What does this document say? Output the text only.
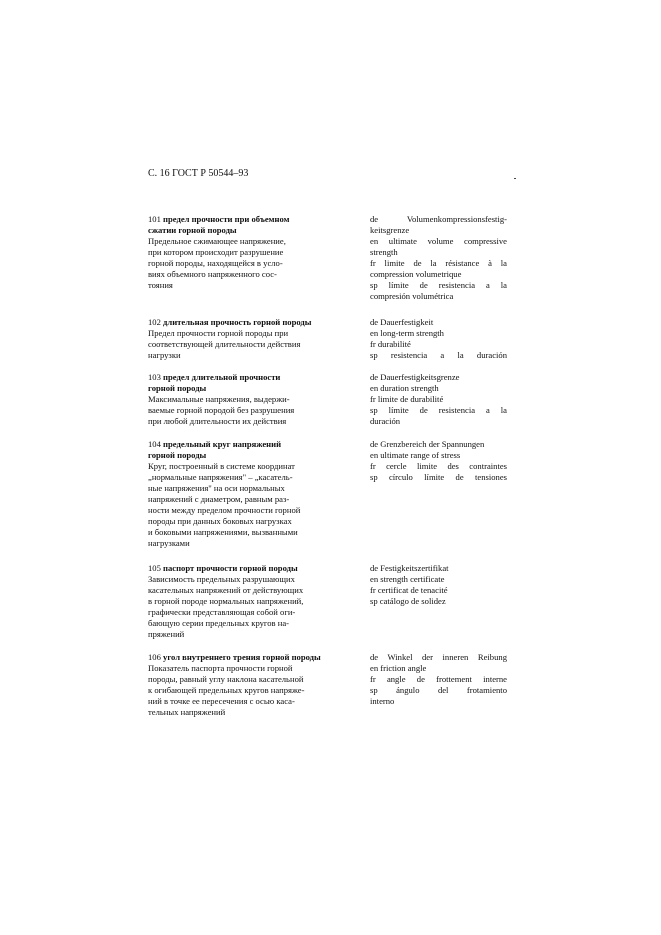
С. 16 ГОСТ Р 50544–93
101 предел прочности при объемном
сжатии горной породы
Предельное сжимающее напряжение,
при котором происходит разрушение
горной породы, находящейся в усло-
виях объемного напряженного сос-
тояния
de Volumenkompressionsfestig-
keitsgrenze
en ultimate volume compressive
strength
fr limite de la résistance à la
compression volumetrique
sp límite de resistencia a la
compresión volumétrica
102 длительная прочность горной породы
Предел прочности горной породы при
соответствующей длительности действия
нагрузки
de Dauerfestigkeit
en long-term strength
fr durabilité
sp resistencia a la duración
103 предел длительной прочности
горной породы
Максимальные напряжения, выдержи-
ваемые горной породой без разрушения
при любой длительности их действия
de Dauerfestigkeitsgrenze
en duration strength
fr limite de durabilité
sp límite de resistencia a la
duración
104 предельный круг напряжений
горной породы
Круг, построенный в системе координат
„нормальные напряжения" – „касатель-
ные напряжения" на оси нормальных
напряжений с диаметром, равным раз-
ности между пределом прочности горной
породы при данных боковых нагрузках
и боковыми напряжениями, вызванными
нагрузками
de Grenzbereich der Spannungen
en ultimate range of stress
fr cercle limite des contraintes
sp círculo límite de tensiones
105 паспорт прочности горной породы
Зависимость предельных разрушающих
касательных напряжений от действующих
в горной породе нормальных напряжений,
графически представляющая собой оги-
бающую серии предельных кругов на-
пряжений
de Festigkeitszertifikat
en strength certificate
fr certificat de tenacité
sp catálogo de solidez
106 угол внутреннего трения горной породы
Показатель паспорта прочности горной
породы, равный углу наклона касательной
к огибающей предельных кругов напряже-
ний в точке ее пересечения с осью каса-
тельных напряжений
de Winkel der inneren Reibung
en friction angle
fr angle de frottement interne
sp ángulo del frotamiento
interno
